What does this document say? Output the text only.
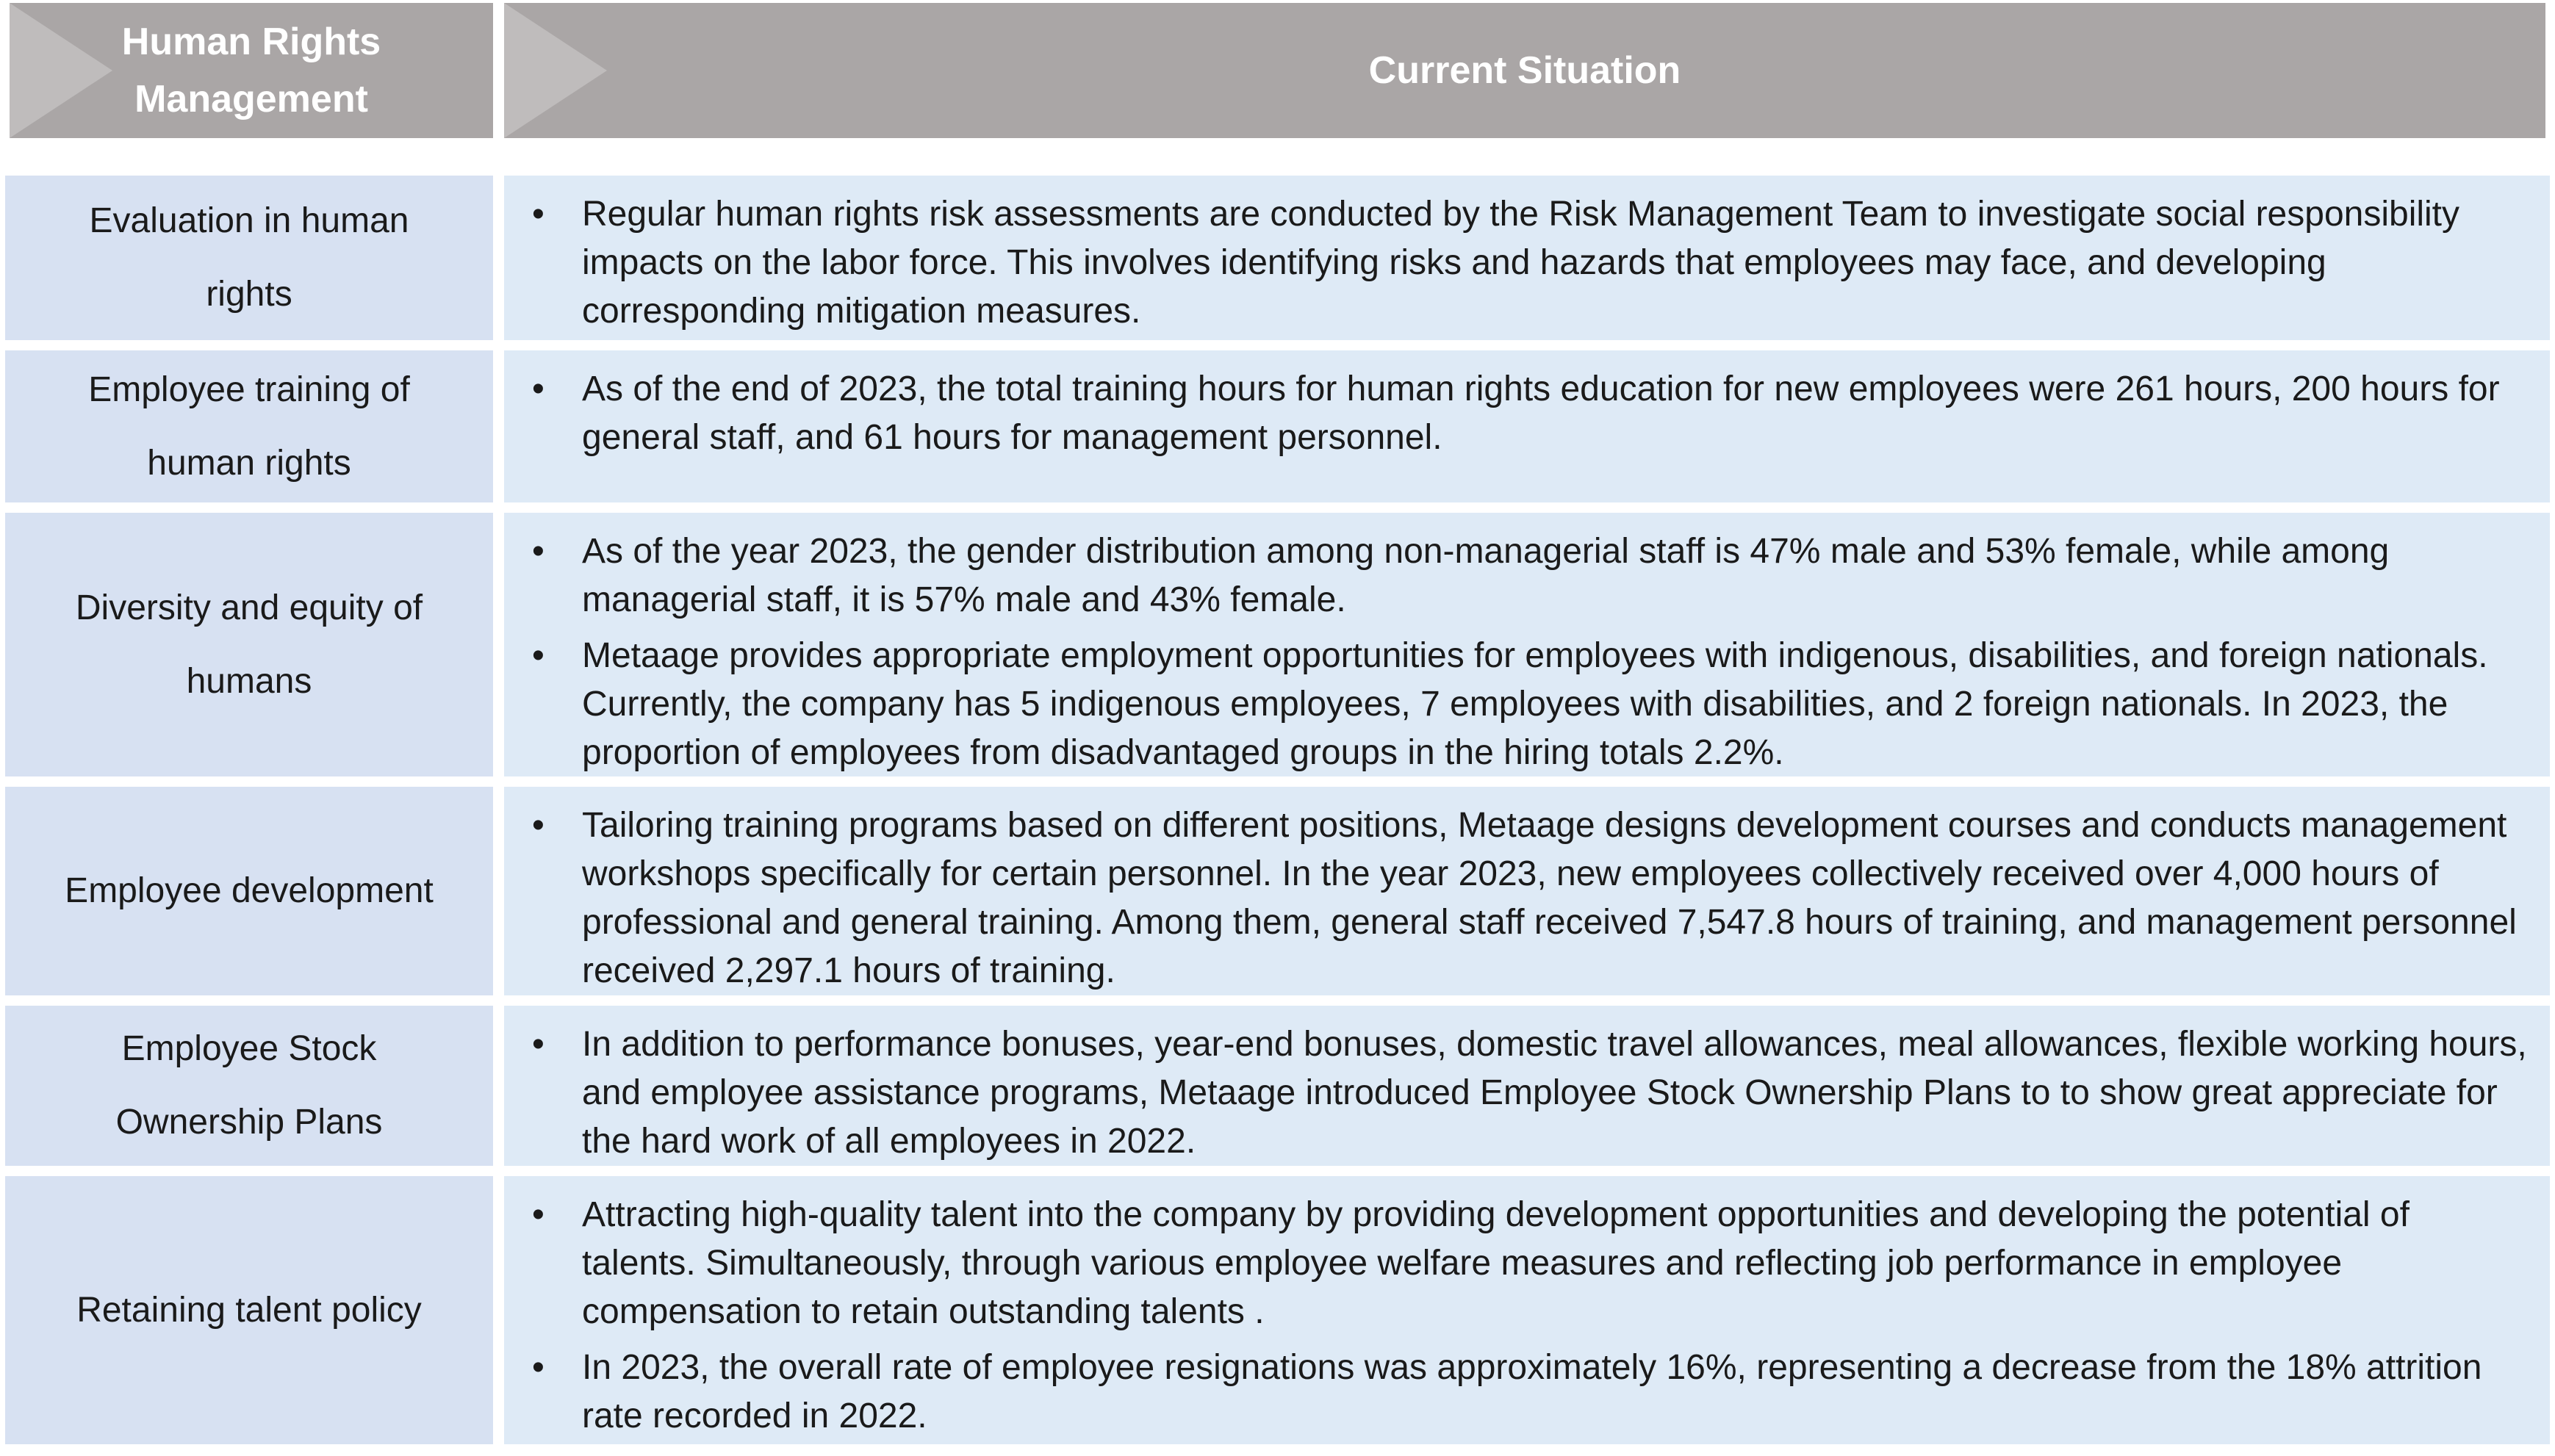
Human Rights Management
Current Situation
Evaluation in human rights
• Regular human rights risk assessments are conducted by the Risk Management Team to investigate social responsibility impacts on the labor force. This involves identifying risks and hazards that employees may face, and developing corresponding mitigation measures.
Employee training of human rights
• As of the end of 2023, the total training hours for human rights education for new employees were 261 hours, 200 hours for general staff, and 61 hours for management personnel.
Diversity and equity of humans
• As of the year 2023, the gender distribution among non-managerial staff is 47% male and 53% female, while among managerial staff, it is 57% male and 43% female.
• Metaage provides appropriate employment opportunities for employees with indigenous, disabilities, and foreign nationals. Currently, the company has 5 indigenous employees, 7 employees with disabilities, and 2 foreign nationals. In 2023, the proportion of employees from disadvantaged groups in the hiring totals 2.2%.
Employee development
• Tailoring training programs based on different positions, Metaage designs development courses and conducts management workshops specifically for certain personnel. In the year 2023, new employees collectively received over 4,000 hours of professional and general training. Among them, general staff received 7,547.8 hours of training, and management personnel received 2,297.1 hours of training.
Employee Stock Ownership Plans
• In addition to performance bonuses, year-end bonuses, domestic travel allowances, meal allowances, flexible working hours, and employee assistance programs, Metaage introduced Employee Stock Ownership Plans to to show great appreciate for the hard work of all employees in 2022.
Retaining talent policy
• Attracting high-quality talent into the company by providing development opportunities and developing the potential of talents. Simultaneously, through various employee welfare measures and reflecting job performance in employee compensation to retain outstanding talents .
• In 2023, the overall rate of employee resignations was approximately 16%, representing a decrease from the 18% attrition rate recorded in 2022.
